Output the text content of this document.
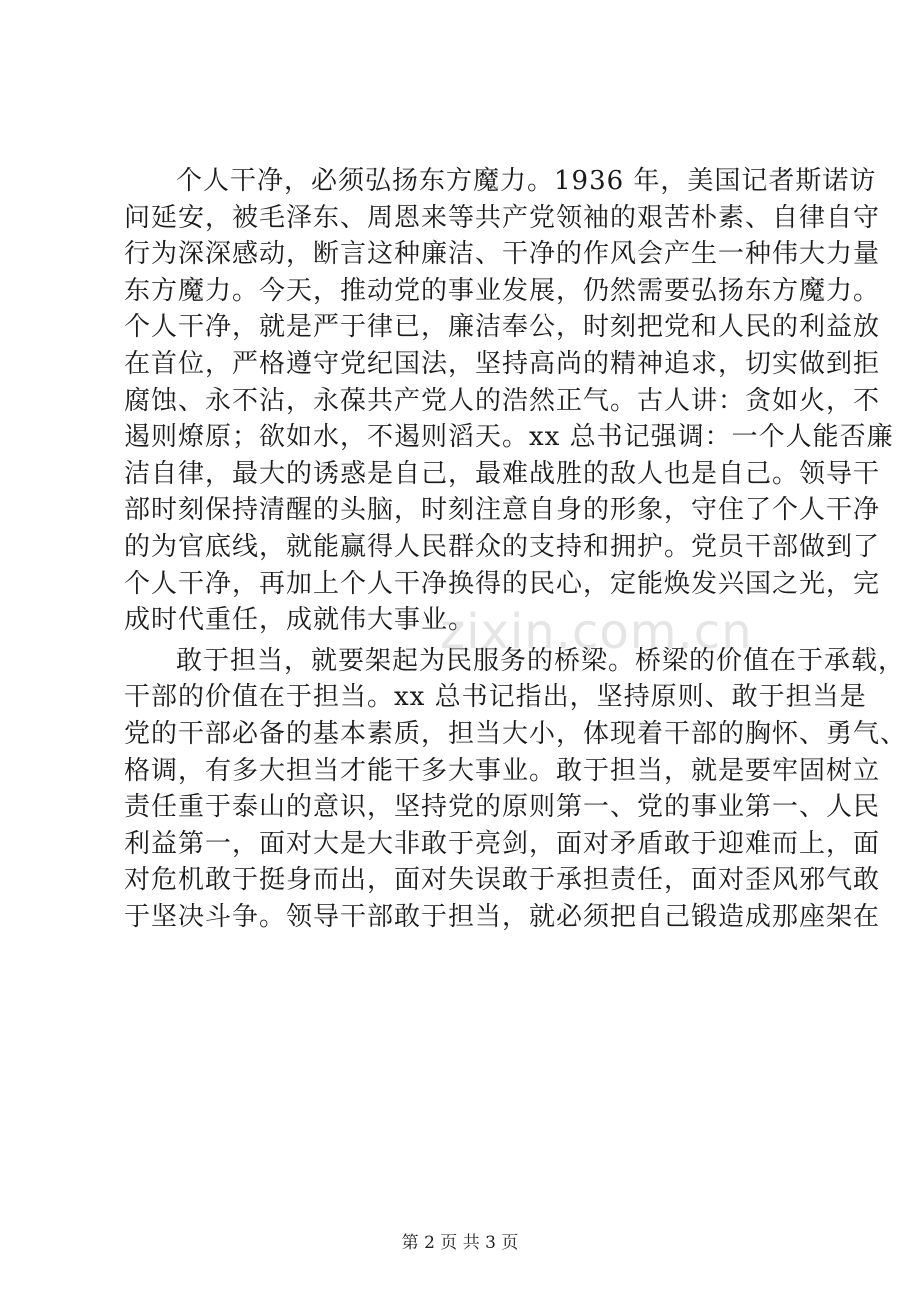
zixin.com.cn
个人干净，必须弘扬东方魔力。1936 年，美国记者斯诺访
问延安，被毛泽东、周恩来等共产党领袖的艰苦朴素、自律自守
行为深深感动，断言这种廉洁、干净的作风会产生一种伟大力量
东方魔力。今天，推动党的事业发展，仍然需要弘扬东方魔力。
个人干净，就是严于律已，廉洁奉公，时刻把党和人民的利益放
在首位，严格遵守党纪国法，坚持高尚的精神追求，切实做到拒
腐蚀、永不沾，永葆共产党人的浩然正气。古人讲：贪如火，不
遏则燎原；欲如水，不遏则滔天。xx 总书记强调：一个人能否廉
洁自律，最大的诱惑是自己，最难战胜的敌人也是自己。领导干
部时刻保持清醒的头脑，时刻注意自身的形象，守住了个人干净
的为官底线，就能赢得人民群众的支持和拥护。党员干部做到了
个人干净，再加上个人干净换得的民心，定能焕发兴国之光，完
成时代重任，成就伟大事业。
敢于担当，就要架起为民服务的桥梁。桥梁的价值在于承载，
干部的价值在于担当。xx 总书记指出，坚持原则、敢于担当是
党的干部必备的基本素质，担当大小，体现着干部的胸怀、勇气、
格调，有多大担当才能干多大事业。敢于担当，就是要牢固树立
责任重于泰山的意识，坚持党的原则第一、党的事业第一、人民
利益第一，面对大是大非敢于亮剑，面对矛盾敢于迎难而上，面
对危机敢于挺身而出，面对失误敢于承担责任，面对歪风邪气敢
于坚决斗争。领导干部敢于担当，就必须把自己锻造成那座架在
第 2 页 共 3 页
